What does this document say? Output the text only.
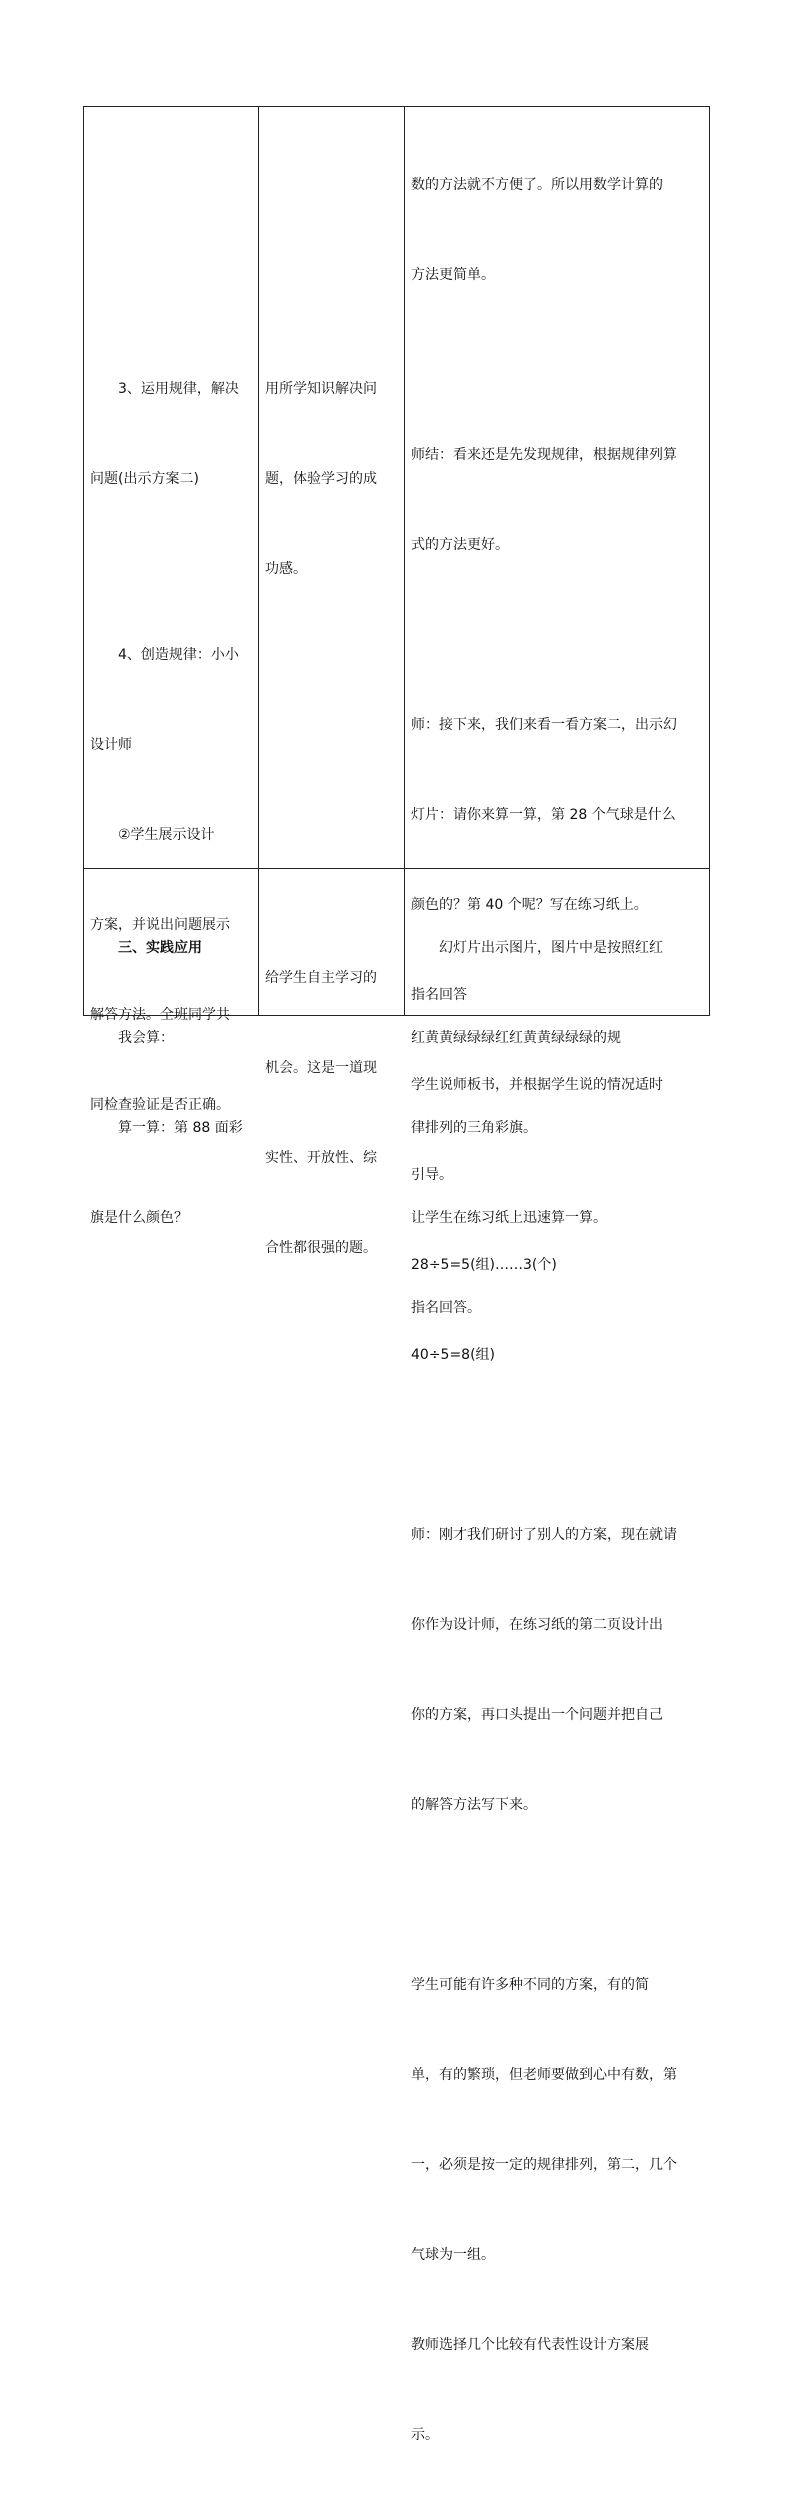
3、运用规律，解决

问题(出示方案二)

4、创造规律：小小

设计师

②学生展示设计

方案，并说出问题展示

解答方法。全班同学共

同检查验证是否正确。

用所学知识解决问

题，体验学习的成

功感。

数的方法就不方便了。所以用数学计算的

方法更简单。

师结：看来还是先发现规律，根据规律列算

式的方法更好。

师：接下来，我们来看一看方案二，出示幻

灯片：请你来算一算，第 28 个气球是什么

颜色的？第 40 个呢？写在练习纸上。

指名回答

学生说师板书，并根据学生说的情况适时

引导。

28÷5=5(组)……3(个)

40÷5=8(组)

师：刚才我们研讨了别人的方案，现在就请

你作为设计师，在练习纸的第二页设计出

你的方案，再口头提出一个问题并把自己

的解答方法写下来。

学生可能有许多种不同的方案，有的简

单，有的繁琐，但老师要做到心中有数，第

一，必须是按一定的规律排列，第二，几个

气球为一组。

教师选择几个比较有代表性设计方案展

示。

三、实践应用

我会算：

算一算：第 88 面彩

旗是什么颜色？

给学生自主学习的

机会。这是一道现

实性、开放性、综

合性都很强的题。

幻灯片出示图片，图片中是按照红红

红黄黄绿绿绿红红黄黄绿绿绿的规

律排列的三角彩旗。

让学生在练习纸上迅速算一算。

指名回答。
